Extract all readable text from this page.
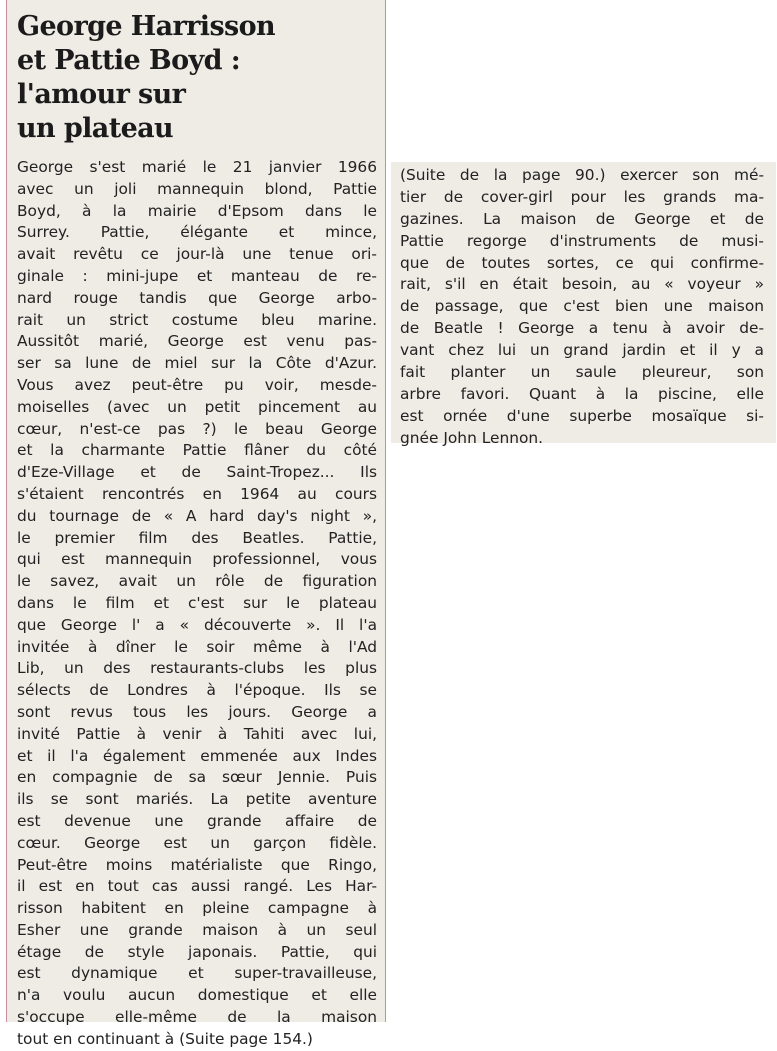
George Harrisson
et Pattie Boyd :
l'amour sur
un plateau
George s'est marié le 21 janvier 1966
avec un joli mannequin blond, Pattie
Boyd, à la mairie d'Epsom dans le
Surrey. Pattie, élégante et mince,
avait revêtu ce jour-là une tenue ori-
ginale : mini-jupe et manteau de re-
nard rouge tandis que George arbo-
rait un strict costume bleu marine.
Aussitôt marié, George est venu pas-
ser sa lune de miel sur la Côte d'Azur.
Vous avez peut-être pu voir, mesde-
moiselles (avec un petit pincement au
cœur, n'est-ce pas ?) le beau George
et la charmante Pattie flâner du côté
d'Eze-Village et de Saint-Tropez... Ils
s'étaient rencontrés en 1964 au cours
du tournage de « A hard day's night »,
le premier film des Beatles. Pattie,
qui est mannequin professionnel, vous
le savez, avait un rôle de figuration
dans le film et c'est sur le plateau
que George l' a « découverte ». Il l'a
invitée à dîner le soir même à l'Ad
Lib, un des restaurants-clubs les plus
sélects de Londres à l'époque. Ils se
sont revus tous les jours. George a
invité Pattie à venir à Tahiti avec lui,
et il l'a également emmenée aux Indes
en compagnie de sa sœur Jennie. Puis
ils se sont mariés. La petite aventure
est devenue une grande affaire de
cœur. George est un garçon fidèle.
Peut-être moins matérialiste que Ringo,
il est en tout cas aussi rangé. Les Har-
risson habitent en pleine campagne à
Esher une grande maison à un seul
étage de style japonais. Pattie, qui
est dynamique et super-travailleuse,
n'a voulu aucun domestique et elle
s'occupe elle-même de la maison
tout en continuant à (Suite page 154.)
(Suite de la page 90.) exercer son mé-
tier de cover-girl pour les grands ma-
gazines. La maison de George et de
Pattie regorge d'instruments de musi-
que de toutes sortes, ce qui confirme-
rait, s'il en était besoin, au « voyeur »
de passage, que c'est bien une maison
de Beatle ! George a tenu à avoir de-
vant chez lui un grand jardin et il y a
fait planter un saule pleureur, son
arbre favori. Quant à la piscine, elle
est ornée d'une superbe mosaïque si-
gnée John Lennon.
